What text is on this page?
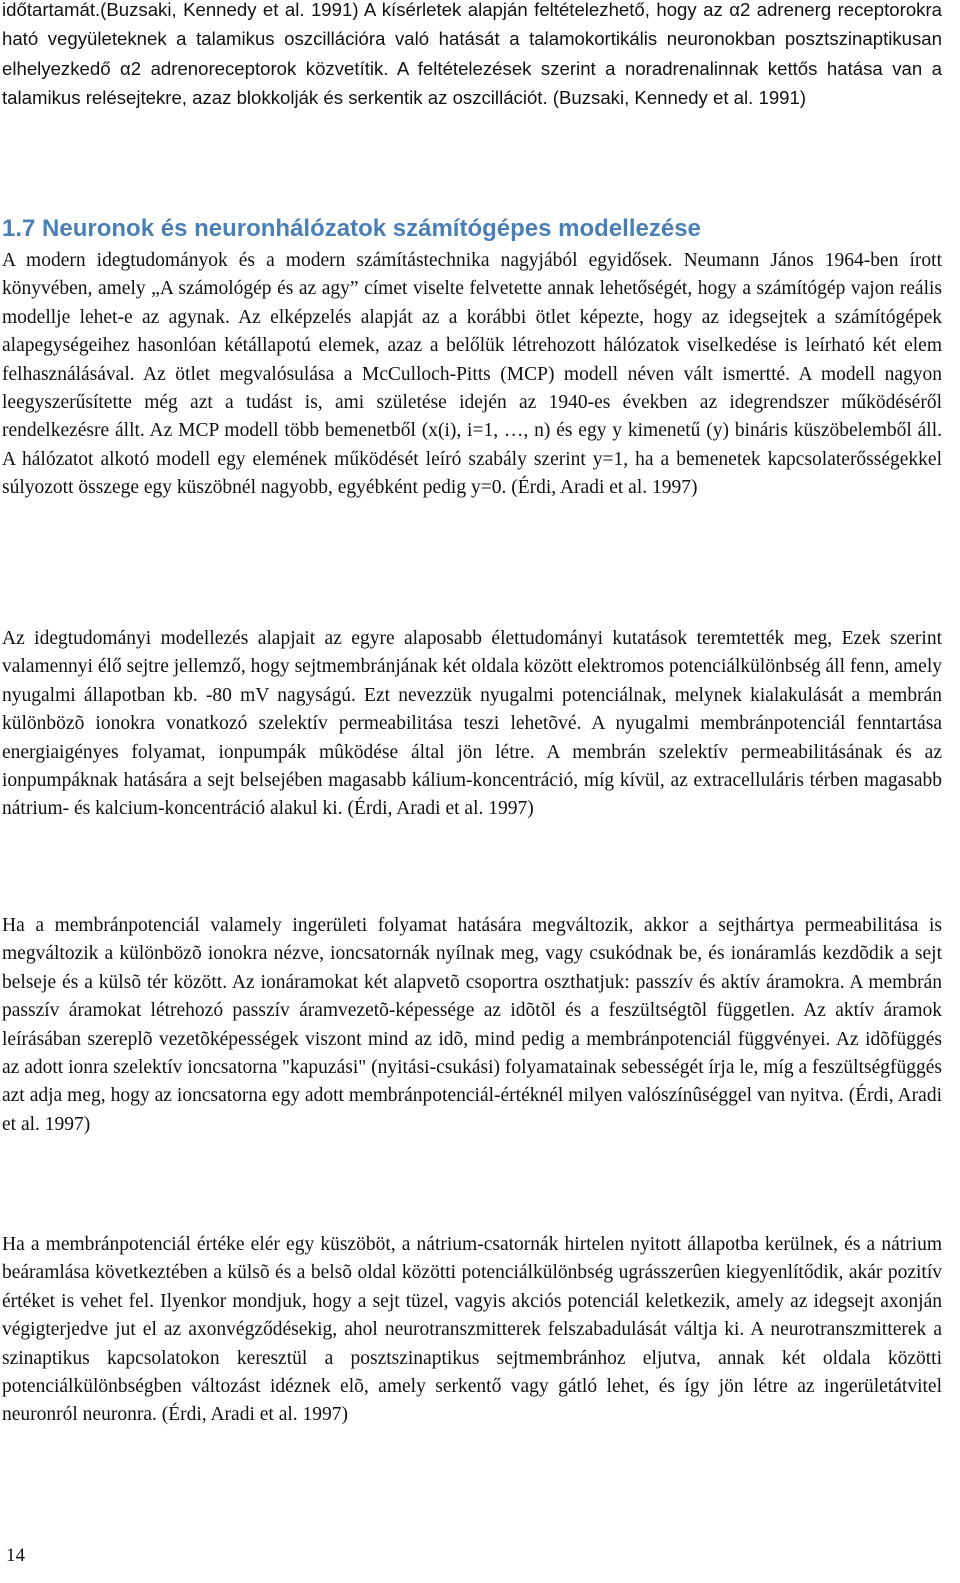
időtartamát.(Buzsaki, Kennedy et al. 1991) A kísérletek alapján feltételezhető, hogy az α2 adrenerg receptorokra ható vegyületeknek a talamikus oszcillációra való hatását a talamokortikális neuronokban posztszinaptikusan elhelyezkedő α2 adrenoreceptorok közvetítik. A feltételezések szerint a noradrenalinnak kettős hatása van a talamikus relésejtekre, azaz blokkolják és serkentik az oszcillációt. (Buzsaki, Kennedy et al. 1991)

1.7 Neuronok és neuronhálózatok számítógépes modellezése

A modern idegtudományok és a modern számítástechnika nagyjából egyidősek. Neumann János 1964-ben írott könyvében, amely „A számológép és az agy” címet viselte felvetette annak lehetőségét, hogy a számítógép vajon reális modellje lehet-e az agynak. Az elképzelés alapját az a korábbi ötlet képezte, hogy az idegsejtek a számítógépek alapegységeihez hasonlóan kétállapotú elemek, azaz a belőlük létrehozott hálózatok viselkedése is leírható két elem felhasználásával. Az ötlet megvalósulása a McCulloch-Pitts (MCP) modell néven vált ismertté. A modell nagyon leegyszerűsítette még azt a tudást is, ami születése idején az 1940-es években az idegrendszer működéséről rendelkezésre állt. Az MCP modell több bemenetből (x(i), i=1, …, n) és egy y kimenetű (y) bináris küszöbelemből áll. A hálózatot alkotó modell egy elemének működését leíró szabály szerint y=1, ha a bemenetek kapcsolaterősségekkel súlyozott összege egy küszöbnél nagyobb, egyébként pedig y=0. (Érdi, Aradi et al. 1997)

Az idegtudományi modellezés alapjait az egyre alaposabb élettudományi kutatások teremtették meg, Ezek szerint valamennyi élő sejtre jellemző, hogy sejtmembránjának két oldala között elektromos potenciálkülönbség áll fenn, amely nyugalmi állapotban kb. -80 mV nagyságú. Ezt nevezzük nyugalmi potenciálnak, melynek kialakulását a membrán különbözõ ionokra vonatkozó szelektív permeabilitása teszi lehetõvé. A nyugalmi membránpotenciál fenntartása energiaigényes folyamat, ionpumpák mûködése által jön létre. A membrán szelektív permeabilitásának és az ionpumpáknak hatására a sejt belsejében magasabb kálium-koncentráció, míg kívül, az extracelluláris térben magasabb nátrium- és kalcium-koncentráció alakul ki. (Érdi, Aradi et al. 1997)

Ha a membránpotenciál valamely ingerületi folyamat hatására megváltozik, akkor a sejthártya permeabilitása is megváltozik a különbözõ ionokra nézve, ioncsatornák nyílnak meg, vagy csukódnak be, és ionáramlás kezdõdik a sejt belseje és a külsõ tér között. Az ionáramokat két alapvetõ csoportra oszthatjuk: passzív és aktív áramokra. A membrán passzív áramokat létrehozó passzív áramvezetõ-képessége az idõtõl és a feszültségtõl független. Az aktív áramok leírásában szereplõ vezetõképességek viszont mind az idõ, mind pedig a membránpotenciál függvényei. Az idõfüggés az adott ionra szelektív ioncsatorna "kapuzási" (nyitási-csukási) folyamatainak sebességét írja le, míg a feszültségfüggés azt adja meg, hogy az ioncsatorna egy adott membránpotenciál-értéknél milyen valószínûséggel van nyitva. (Érdi, Aradi et al. 1997)

Ha a membránpotenciál értéke elér egy küszöböt, a nátrium-csatornák hirtelen nyitott állapotba kerülnek, és a nátrium beáramlása következtében a külsõ és a belsõ oldal közötti potenciálkülönbség ugrásszerûen kiegyenlítődik, akár pozitív értéket is vehet fel. Ilyenkor mondjuk, hogy a sejt tüzel, vagyis akciós potenciál keletkezik, amely az idegsejt axonján végigterjedve jut el az axonvégződésekig, ahol neurotranszmitterek felszabadulását váltja ki. A neurotranszmitterek a szinaptikus kapcsolatokon keresztül a posztszinaptikus sejtmembránhoz eljutva, annak két oldala közötti potenciálkülönbségben változást idéznek elõ, amely serkentő vagy gátló lehet, és így jön létre az ingerületátvitel neuronról neuronra. (Érdi, Aradi et al. 1997)

14
